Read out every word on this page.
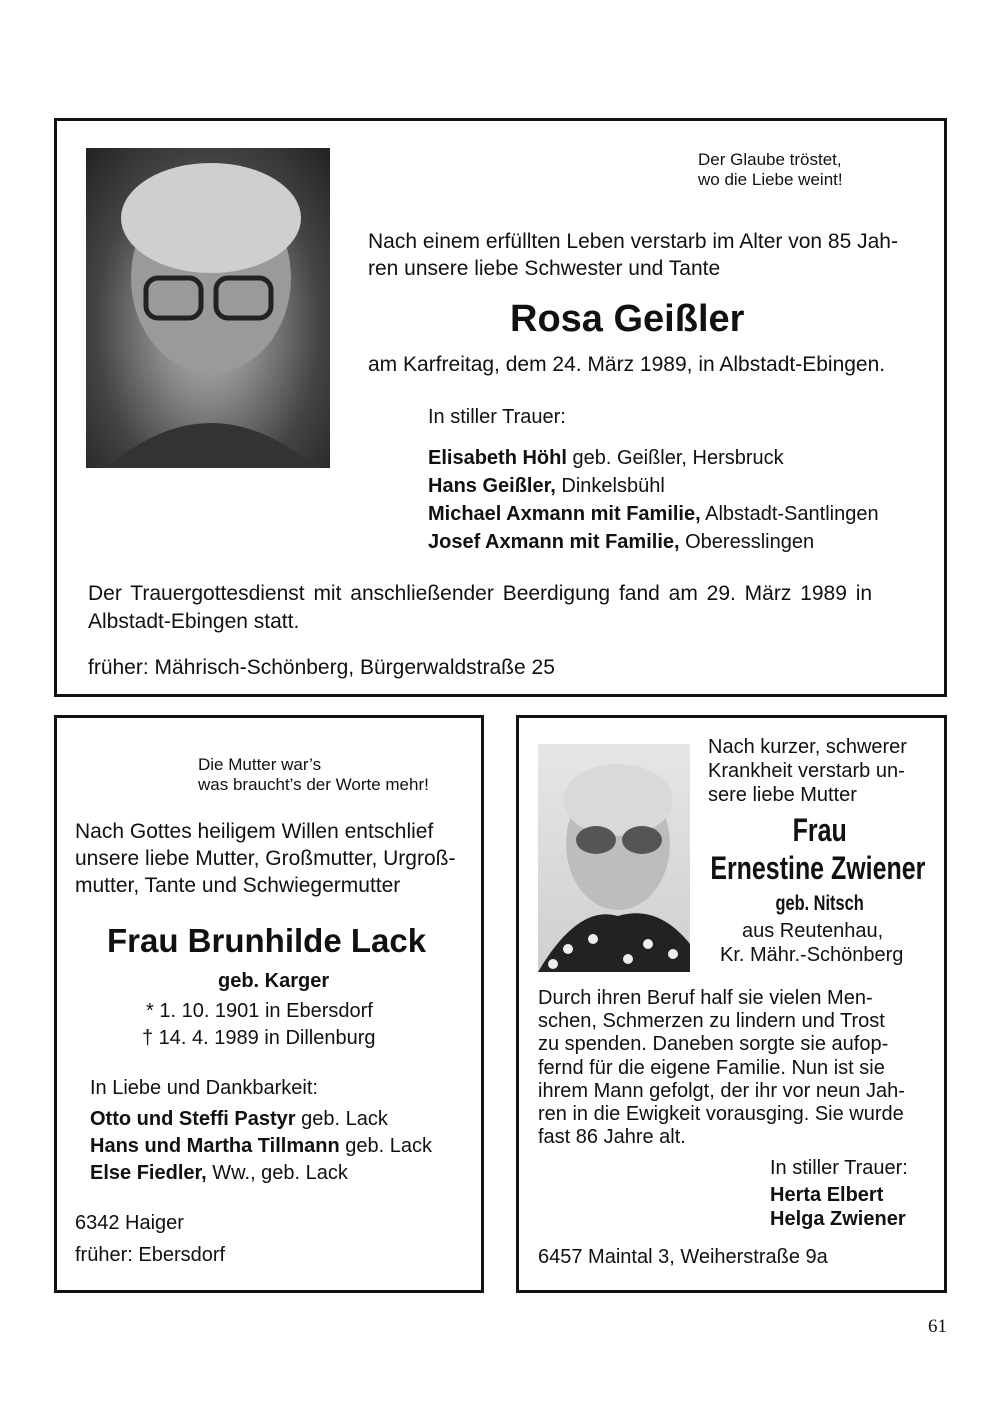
Der Glaube tröstet,
wo die Liebe weint!
Nach einem erfüllten Leben verstarb im Alter von 85 Jah-
ren unsere liebe Schwester und Tante
Rosa Geißler
am Karfreitag, dem 24. März 1989, in Albstadt-Ebingen.
In stiller Trauer:
Elisabeth Höhl geb. Geißler, Hersbruck
Hans Geißler, Dinkelsbühl
Michael Axmann mit Familie, Albstadt-Santlingen
Josef Axmann mit Familie, Oberesslingen
Der Trauergottesdienst mit anschließender Beerdigung fand am 29. März 1989 in
Albstadt-Ebingen statt.
früher: Mährisch-Schönberg, Bürgerwaldstraße 25
Die Mutter war’s
was braucht’s der Worte mehr!
Nach Gottes heiligem Willen entschlief
unsere liebe Mutter, Großmutter, Urgroß-
mutter, Tante und Schwiegermutter
Frau Brunhilde Lack
geb. Karger
* 1. 10. 1901 in Ebersdorf
† 14. 4. 1989 in Dillenburg
In Liebe und Dankbarkeit:
Otto und Steffi Pastyr geb. Lack
Hans und Martha Tillmann geb. Lack
Else Fiedler, Ww., geb. Lack
6342 Haiger
früher: Ebersdorf
Nach kurzer, schwerer
Krankheit verstarb un-
sere liebe Mutter
Frau
Ernestine Zwiener
geb. Nitsch
aus Reutenhau,
Kr. Mähr.-Schönberg
Durch ihren Beruf half sie vielen Men-
schen, Schmerzen zu lindern und Trost
zu spenden. Daneben sorgte sie aufop-
fernd für die eigene Familie. Nun ist sie
ihrem Mann gefolgt, der ihr vor neun Jah-
ren in die Ewigkeit vorausging. Sie wurde
fast 86 Jahre alt.
In stiller Trauer:
Herta Elbert
Helga Zwiener
6457 Maintal 3, Weiherstraße 9a
61
